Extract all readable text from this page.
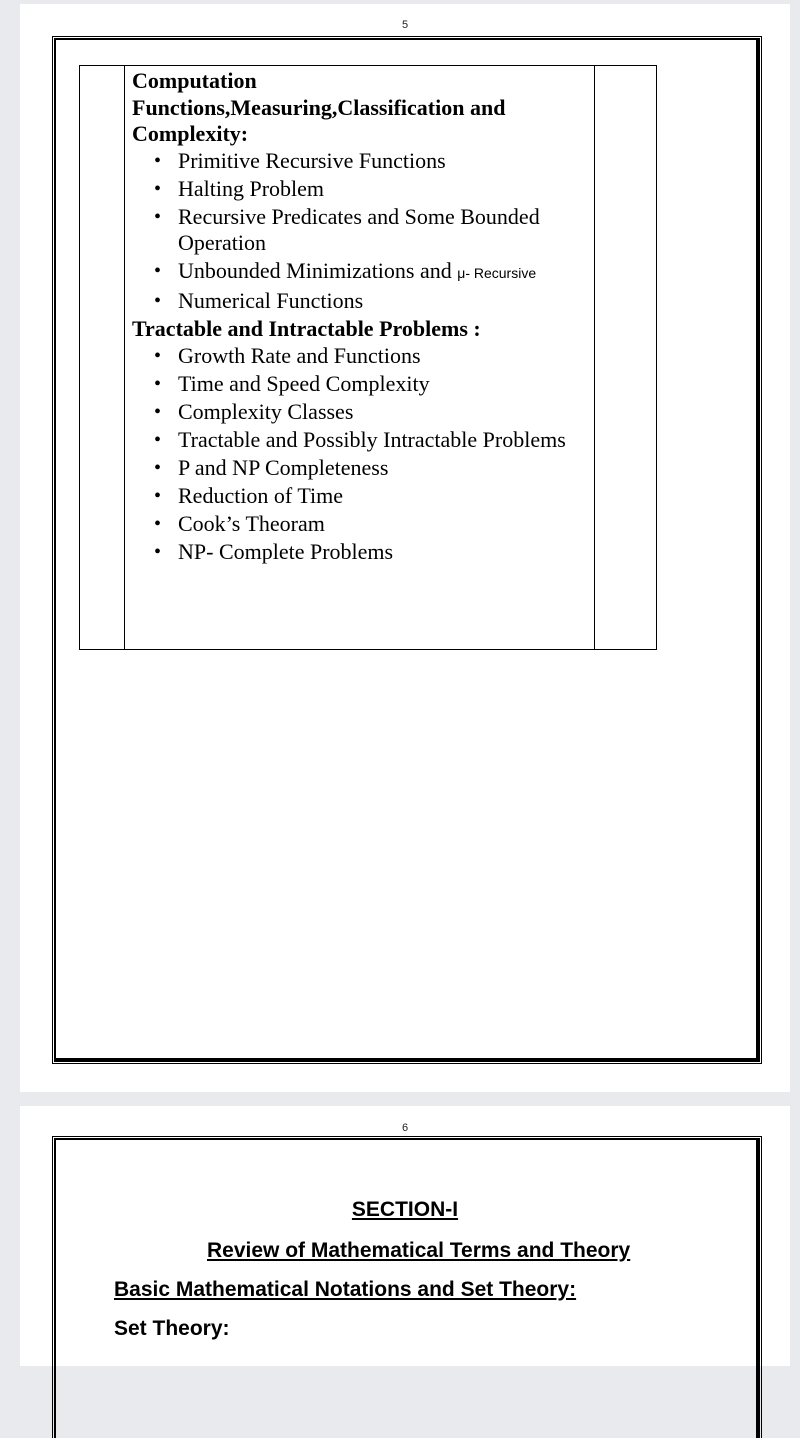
5

Computation
Functions,Measuring,Classification and
Complexity:

• Primitive Recursive Functions
• Halting Problem
• Recursive Predicates and Some Bounded Operation
• Unbounded Minimizations and μ- Recursive
• Numerical Functions

Tractable and Intractable Problems :

• Growth Rate and Functions
• Time and Speed Complexity
• Complexity Classes
• Tractable and Possibly Intractable Problems
• P and NP Completeness
• Reduction of Time
• Cook’s Theoram
• NP- Complete Problems

6
SECTION-I
Review of Mathematical Terms and Theory
Basic Mathematical Notations and Set Theory:
Set Theory:
